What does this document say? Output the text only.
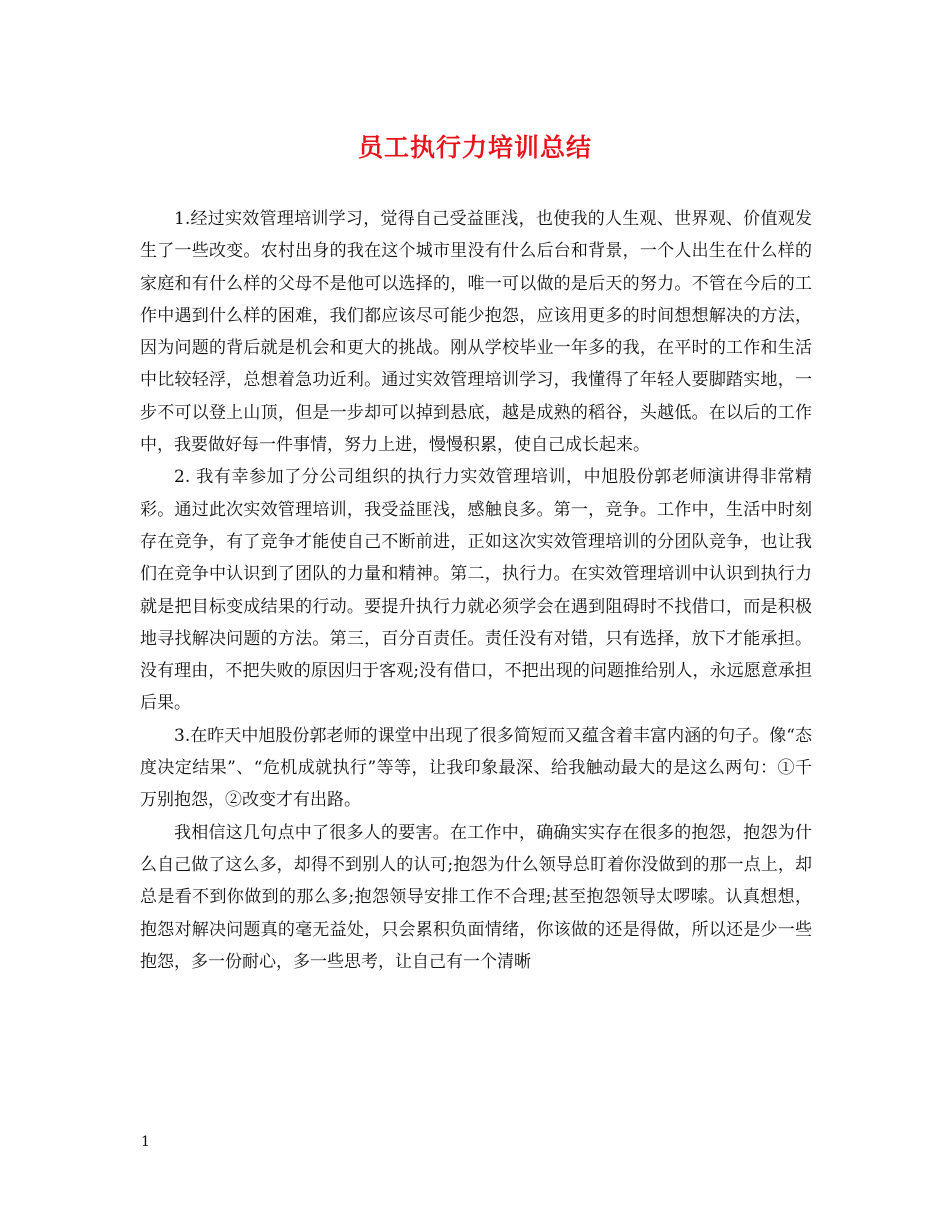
员工执行力培训总结

1.经过实效管理培训学习，觉得自己受益匪浅，也使我的人生观、世界观、价值观发生了一些改变。农村出身的我在这个城市里没有什么后台和背景，一个人出生在什么样的家庭和有什么样的父母不是他可以选择的，唯一可以做的是后天的努力。不管在今后的工作中遇到什么样的困难，我们都应该尽可能少抱怨，应该用更多的时间想想解决的方法，因为问题的背后就是机会和更大的挑战。刚从学校毕业一年多的我，在平时的工作和生活中比较轻浮，总想着急功近利。通过实效管理培训学习，我懂得了年轻人要脚踏实地，一步不可以登上山顶，但是一步却可以掉到悬底，越是成熟的稻谷，头越低。在以后的工作中，我要做好每一件事情，努力上进，慢慢积累，使自己成长起来。

2. 我有幸参加了分公司组织的执行力实效管理培训，中旭股份郭老师演讲得非常精彩。通过此次实效管理培训，我受益匪浅，感触良多。第一，竞争。工作中，生活中时刻存在竞争，有了竞争才能使自己不断前进，正如这次实效管理培训的分团队竞争，也让我们在竞争中认识到了团队的力量和精神。第二，执行力。在实效管理培训中认识到执行力就是把目标变成结果的行动。要提升执行力就必须学会在遇到阻碍时不找借口，而是积极地寻找解决问题的方法。第三，百分百责任。责任没有对错，只有选择，放下才能承担。没有理由，不把失败的原因归于客观;没有借口，不把出现的问题推给别人，永远愿意承担后果。

3.在昨天中旭股份郭老师的课堂中出现了很多简短而又蕴含着丰富内涵的句子。像“态度决定结果”、“危机成就执行”等等，让我印象最深、给我触动最大的是这么两句：①千万别抱怨，②改变才有出路。

我相信这几句点中了很多人的要害。在工作中，确确实实存在很多的抱怨，抱怨为什么自己做了这么多，却得不到别人的认可;抱怨为什么领导总盯着你没做到的那一点上，却总是看不到你做到的那么多;抱怨领导安排工作不合理;甚至抱怨领导太啰嗦。认真想想，抱怨对解决问题真的毫无益处，只会累积负面情绪，你该做的还是得做，所以还是少一些抱怨，多一份耐心，多一些思考，让自己有一个清晰

1
